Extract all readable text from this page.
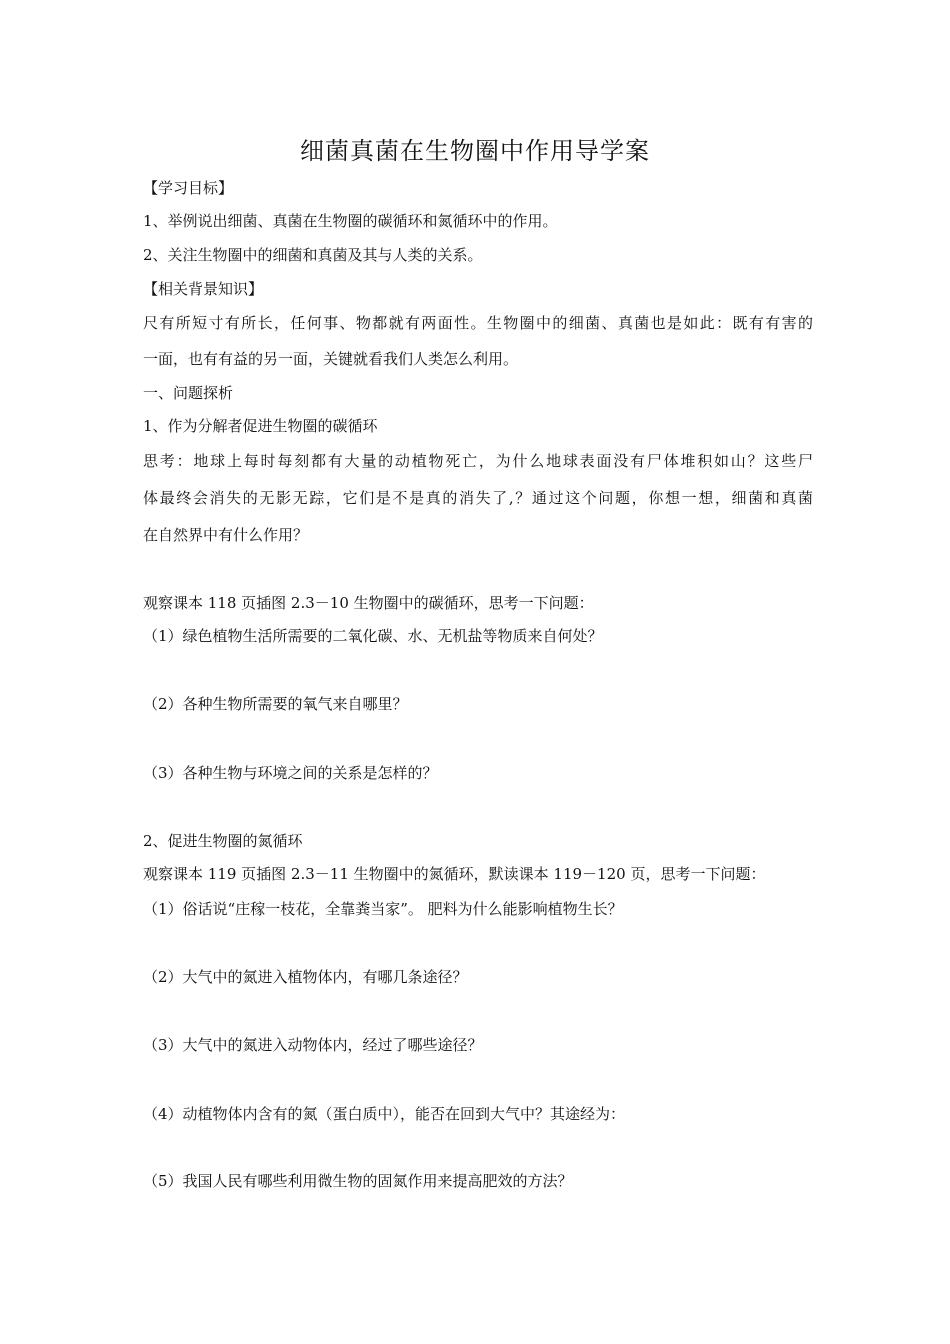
细菌真菌在生物圈中作用导学案
【学习目标】
1、举例说出细菌、真菌在生物圈的碳循环和氮循环中的作用。
2、关注生物圈中的细菌和真菌及其与人类的关系。
【相关背景知识】
尺有所短寸有所长，任何事、物都就有两面性。生物圈中的细菌、真菌也是如此：既有有害的
一面，也有有益的另一面，关键就看我们人类怎么利用。
一、问题探析
1、作为分解者促进生物圈的碳循环
思考：地球上每时每刻都有大量的动植物死亡，为什么地球表面没有尸体堆积如山？这些尸
体最终会消失的无影无踪，它们是不是真的消失了,？通过这个问题，你想一想，细菌和真菌
在自然界中有什么作用？
观察课本 118 页插图 2.3－10 生物圈中的碳循环，思考一下问题：
（1）绿色植物生活所需要的二氧化碳、水、无机盐等物质来自何处？
（2）各种生物所需要的氧气来自哪里？
（3）各种生物与环境之间的关系是怎样的？
2、促进生物圈的氮循环
观察课本 119 页插图 2.3－11 生物圈中的氮循环，默读课本 119－120 页，思考一下问题：
（1）俗话说“庄稼一枝花，全靠粪当家”。 肥料为什么能影响植物生长？
（2）大气中的氮进入植物体内，有哪几条途径？
（3）大气中的氮进入动物体内，经过了哪些途径？
（4）动植物体内含有的氮（蛋白质中），能否在回到大气中？其途经为：
（5）我国人民有哪些利用微生物的固氮作用来提高肥效的方法？
